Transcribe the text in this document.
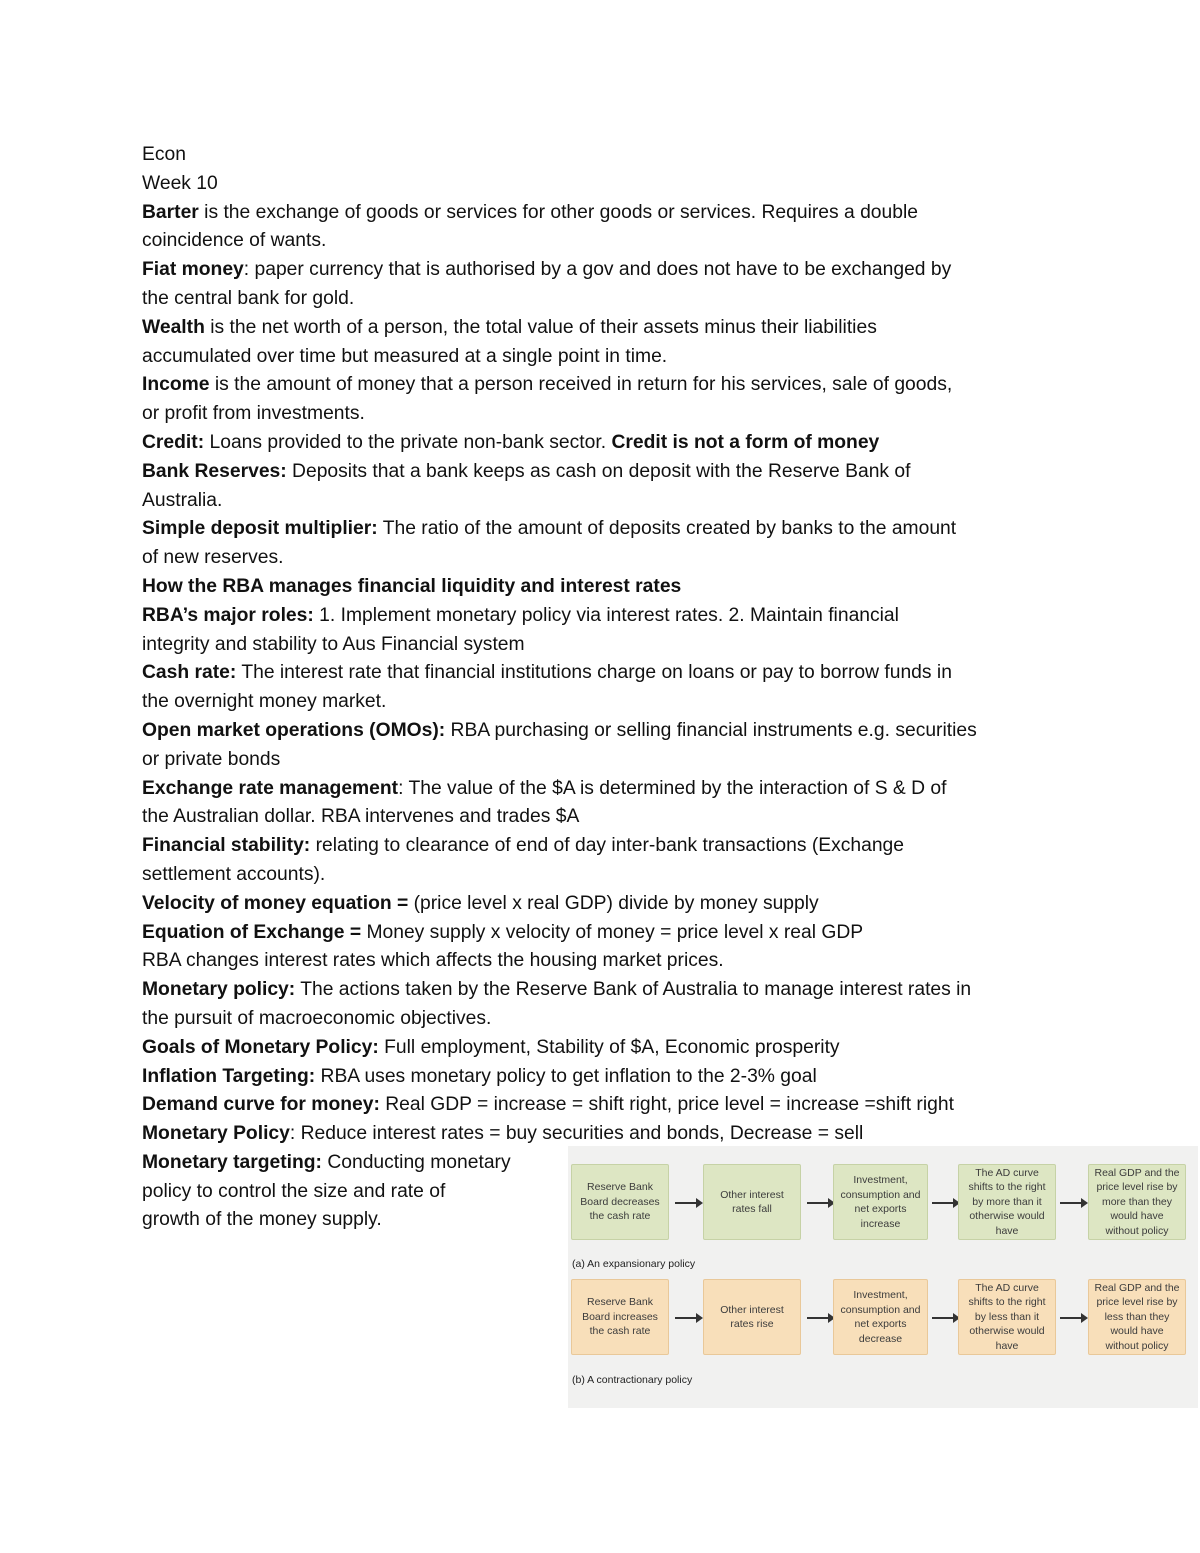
Econ
Week 10
Barter is the exchange of goods or services for other goods or services. Requires a double
coincidence of wants.
Fiat money: paper currency that is authorised by a gov and does not have to be exchanged by
the central bank for gold.
Wealth is the net worth of a person, the total value of their assets minus their liabilities
accumulated over time but measured at a single point in time.
Income is the amount of money that a person received in return for his services, sale of goods,
or profit from investments.
Credit: Loans provided to the private non-bank sector. Credit is not a form of money
Bank Reserves: Deposits that a bank keeps as cash on deposit with the Reserve Bank of
Australia.
Simple deposit multiplier: The ratio of the amount of deposits created by banks to the amount
of new reserves.
How the RBA manages financial liquidity and interest rates
RBA’s major roles: 1. Implement monetary policy via interest rates. 2. Maintain financial
integrity and stability to Aus Financial system
Cash rate: The interest rate that financial institutions charge on loans or pay to borrow funds in
the overnight money market.
Open market operations (OMOs): RBA purchasing or selling financial instruments e.g. securities
or private bonds
Exchange rate management: The value of the $A is determined by the interaction of S & D of
the Australian dollar. RBA intervenes and trades $A
Financial stability: relating to clearance of end of day inter-bank transactions (Exchange
settlement accounts).
Velocity of money equation = (price level x real GDP) divide by money supply
Equation of Exchange = Money supply x velocity of money = price level x real GDP
RBA changes interest rates which affects the housing market prices.
Monetary policy: The actions taken by the Reserve Bank of Australia to manage interest rates in
the pursuit of macroeconomic objectives.
Goals of Monetary Policy: Full employment, Stability of $A, Economic prosperity
Inflation Targeting: RBA uses monetary policy to get inflation to the 2-3% goal
Demand curve for money: Real GDP = increase = shift right, price level = increase =shift right
Monetary Policy: Reduce interest rates = buy securities and bonds, Decrease = sell
Monetary targeting: Conducting monetary
policy to control the size and rate of
growth of the money supply.
Reserve Bank Board decreases the cash rate
Other interest rates fall
Investment, consumption and net exports increase
The AD curve shifts to the right by more than it otherwise would have
Real GDP and the price level rise by more than they would have without policy
(a) An expansionary policy
Reserve Bank Board increases the cash rate
Other interest rates rise
Investment, consumption and net exports decrease
The AD curve shifts to the right by less than it otherwise would have
Real GDP and the price level rise by less than they would have without policy
(b) A contractionary policy
